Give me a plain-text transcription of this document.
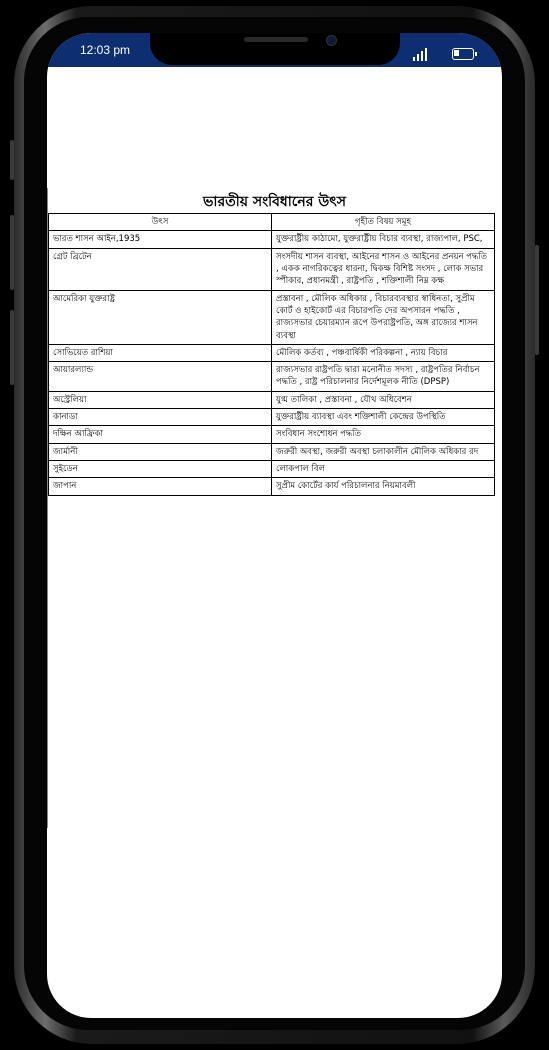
12:03 pm
ভারতীয় সংবিধানের উৎস
উৎস	গৃহীত বিষয় সমূহ
ভারত শাসন আইন,1935	যুক্তরাষ্ট্রীয় কাঠামো, যুক্তরাষ্ট্রীয় বিচার ব্যবস্থা, রাজ্যপাল, PSC,
গ্রেট ব্রিটেন	সংসদীয় শাসন ব্যবস্থা, আইনের শাসন ও আইনের প্রনয়ন পদ্ধতি , একক নাগরিকত্বের ধারনা, দ্বিকক্ষ বিশিষ্ট সংসদ , লোক সভার স্পীকার, প্রধানমন্ত্রী , রাষ্ট্রপতি , শক্তিশালী নিম্ন কক্ষ
আমেরিকা যুক্তরাষ্ট্র	প্রস্তাবনা , মৌলিক অধিকার , বিচারব্যবস্থার স্বাধিনতা, সুপ্রীম কোর্ট ও হাইকোর্ট এর বিচারপতি দের অপসারন পদ্ধতি , রাজ্যসভার চেয়ারম্যান রূপে উপরাষ্ট্রপতি, অঙ্গ রাজ্যের শাসন ব্যবস্থা
সোভিয়েত রাশিয়া	মৌলিক কর্তব্য , পঞ্চবার্ষিকী পরিকল্পনা , ন্যায় বিচার
আয়ারল্যান্ড	রাজ্যসভার রাষ্ট্রপতি দ্বারা মনোনীত সদস্য , রাষ্ট্রপতির নির্বাচন পদ্ধতি , রাষ্ট্র পরিচালনার নির্দেশমূলক নীতি (DPSP)
অস্ট্রেলিয়া	যুগ্ম তালিকা , প্রস্তাবনা , যৌথ অধিবেশন
কানাডা	যুক্তরাষ্ট্রীয় ব্যাবস্থা এবং শক্তিশালী কেন্দ্রের উপস্থিতি
দক্ষিন আফ্রিকা	সংবিধান সংশোধন পদ্ধতি
জার্মানী	জরুরী অবস্থা, জরুরী অবস্থা চলাকালীন মৌলিক অধিকার রদ
সুইডেন	লোকপাল বিল
জাপান	সুপ্রীম কোর্টের কার্য পরিচালনার নিয়মাবলী
